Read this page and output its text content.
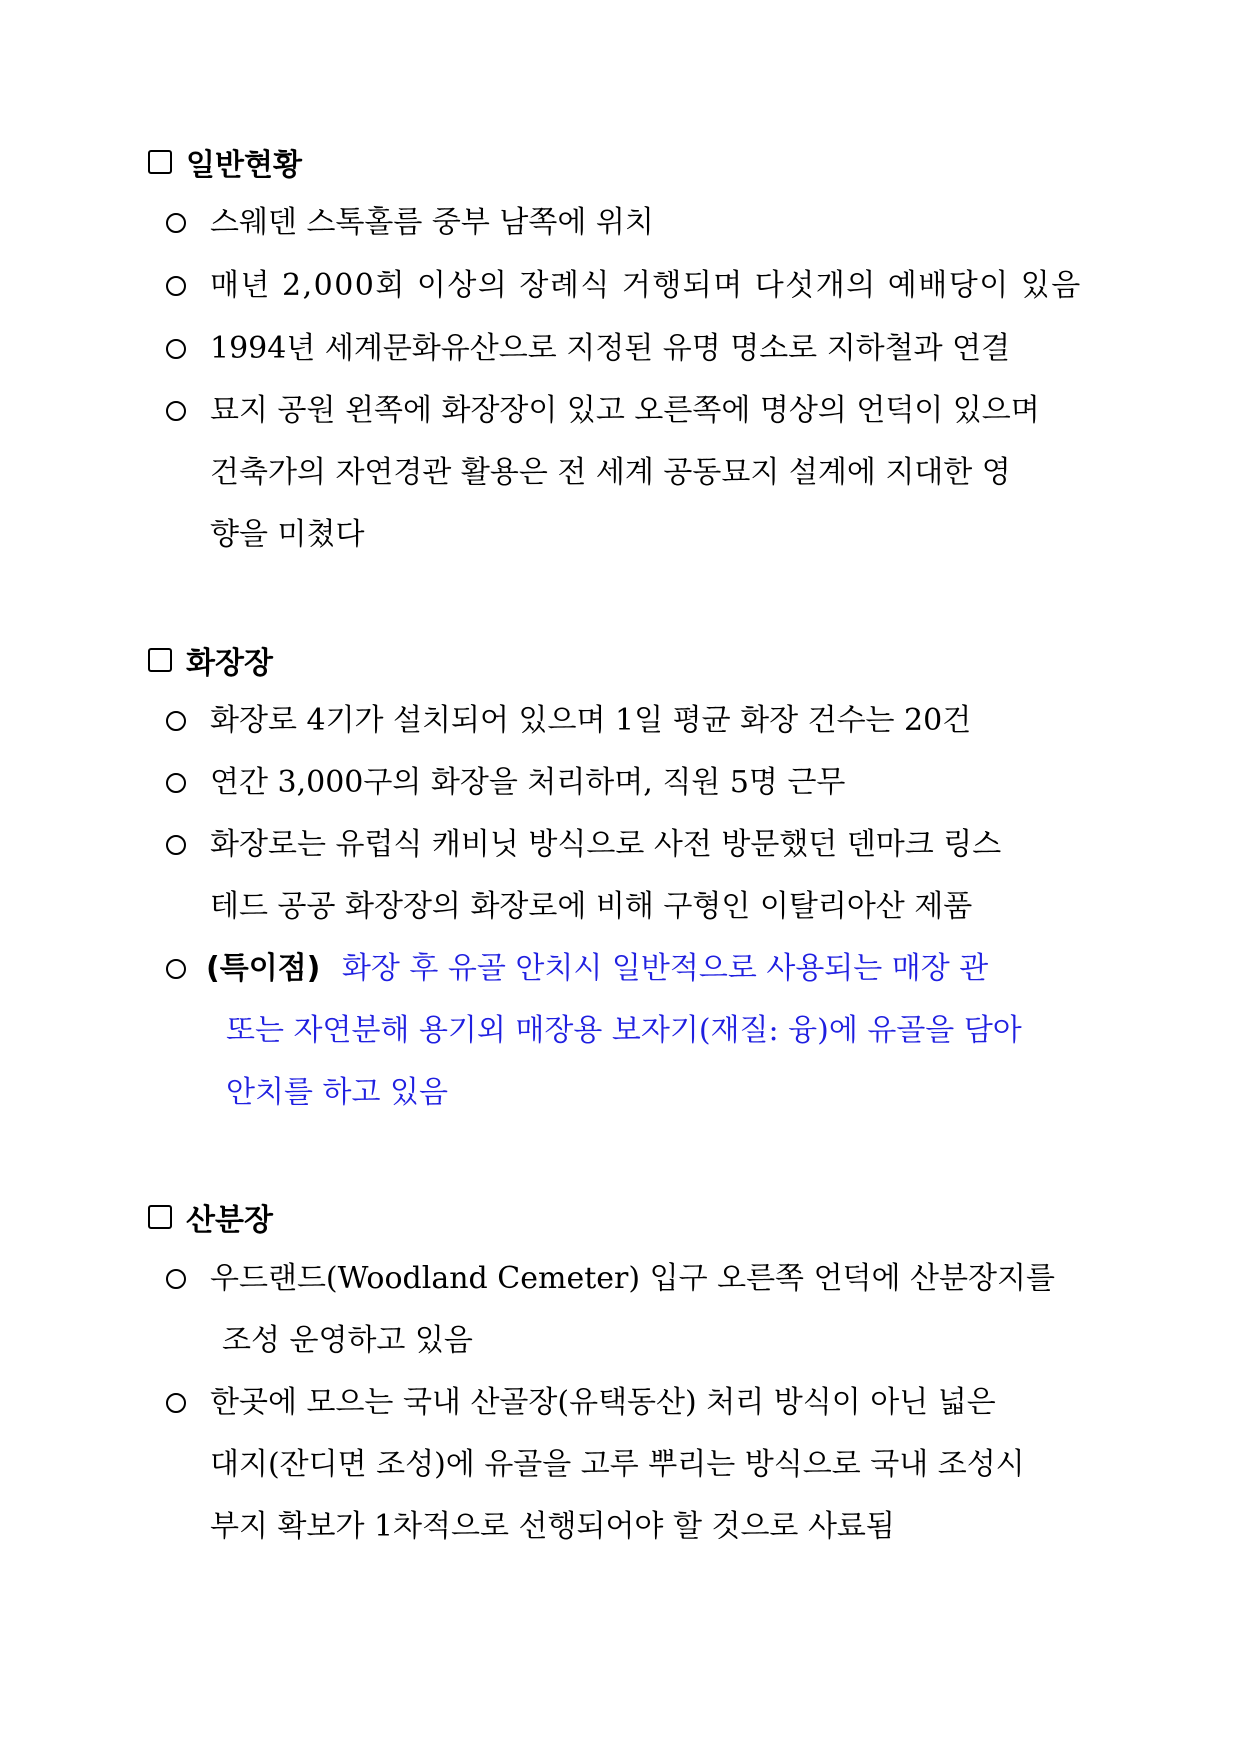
일반현황
스웨덴 스톡홀름 중부 남쪽에 위치
매년 2,000회 이상의 장례식 거행되며 다섯개의 예배당이 있음
1994년 세계문화유산으로 지정된 유명 명소로 지하철과 연결
묘지 공원 왼쪽에 화장장이 있고 오른쪽에 명상의 언덕이 있으며
건축가의 자연경관 활용은 전 세계 공동묘지 설계에 지대한 영
향을 미쳤다
화장장
화장로 4기가 설치되어 있으며 1일 평균 화장 건수는 20건
연간 3,000구의 화장을 처리하며, 직원 5명 근무
화장로는 유럽식 캐비닛 방식으로 사전 방문했던 덴마크 링스
테드 공공 화장장의 화장로에 비해 구형인 이탈리아산 제품
(특이점) 화장 후 유골 안치시 일반적으로 사용되는 매장 관
또는 자연분해 용기외 매장용 보자기(재질: 융)에 유골을 담아
안치를 하고 있음
산분장
우드랜드(Woodland Cemeter) 입구 오른쪽 언덕에 산분장지를
조성 운영하고 있음
한곳에 모으는 국내 산골장(유택동산) 처리 방식이 아닌 넓은
대지(잔디면 조성)에 유골을 고루 뿌리는 방식으로 국내 조성시
부지 확보가 1차적으로 선행되어야 할 것으로 사료됨
